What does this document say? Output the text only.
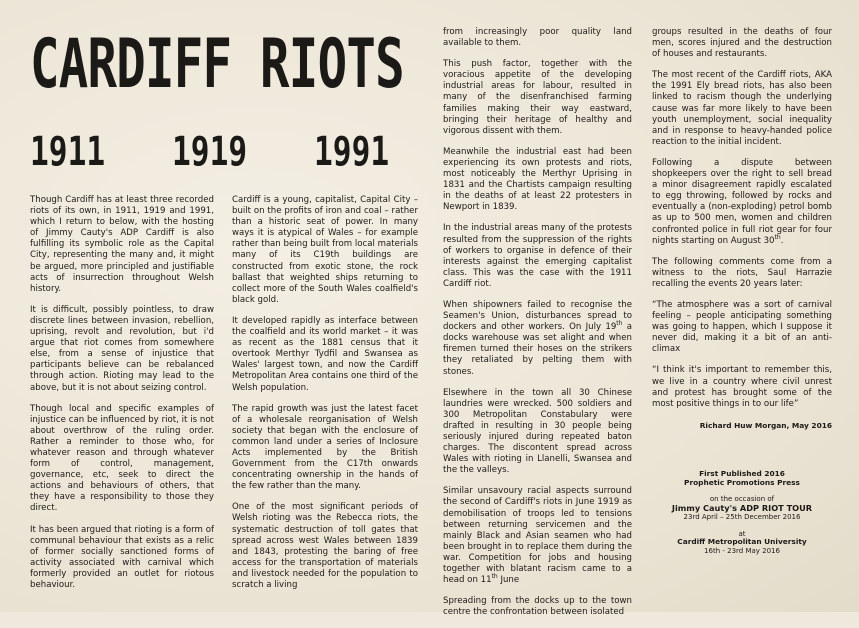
CARDIFF RIOTS
1911 1919 1991

Though Cardiff has at least three recorded riots of its own, in 1911, 1919 and 1991, which I return to below, with the hosting of Jimmy Cauty's ADP Cardiff is also fulfilling its symbolic role as the Capital City, representing the many and, it might be argued, more principled and justifiable acts of insurrection throughout Welsh history.

It is difficult, possibly pointless, to draw discrete lines between invasion, rebellion, uprising, revolt and revolution, but i'd argue that riot comes from somewhere else, from a sense of injustice that participants believe can be rebalanced through action. Rioting may lead to the above, but it is not about seizing control.

Though local and specific examples of injustice can be influenced by riot, it is not about overthrow of the ruling order. Rather a reminder to those who, for whatever reason and through whatever form of control, management, governance, etc, seek to direct the actions and behaviours of others, that they have a responsibility to those they direct.

It has been argued that rioting is a form of communal behaviour that exists as a relic of former socially sanctioned forms of activity associated with carnival which formerly provided an outlet for riotous behaviour.

Cardiff is a young, capitalist, Capital City – built on the profits of iron and coal – rather than a historic seat of power. In many ways it is atypical of Wales – for example rather than being built from local materials many of its C19th buildings are constructed from exotic stone, the rock ballast that weighted ships returning to collect more of the South Wales coalfield's black gold.

It developed rapidly as interface between the coalfield and its world market – it was as recent as the 1881 census that it overtook Merthyr Tydfil and Swansea as Wales' largest town, and now the Cardiff Metropolitan Area contains one third of the Welsh population.

The rapid growth was just the latest facet of a wholesale reorganisation of Welsh society that began with the enclosure of common land under a series of Inclosure Acts implemented by the British Government from the C17th onwards concentrating ownership in the hands of the few rather than the many.

One of the most significant periods of Welsh rioting was the Rebecca riots, the systematic destruction of toll gates that spread across west Wales between 1839 and 1843, protesting the baring of free access for the transportation of materials and livestock needed for the population to scratch a living

from increasingly poor quality land available to them.

This push factor, together with the voracious appetite of the developing industrial areas for labour, resulted in many of the disenfranchised farming families making their way eastward, bringing their heritage of healthy and vigorous dissent with them.

Meanwhile the industrial east had been experiencing its own protests and riots, most noticeably the Merthyr Uprising in 1831 and the Chartists campaign resulting in the deaths of at least 22 protesters in Newport in 1839.

In the industrial areas many of the protests resulted from the suppression of the rights of workers to organise in defence of their interests against the emerging capitalist class. This was the case with the 1911 Cardiff riot.

When shipowners failed to recognise the Seamen's Union, disturbances spread to dockers and other workers. On July 19th a docks warehouse was set alight and when firemen turned their hoses on the strikers they retaliated by pelting them with stones.

Elsewhere in the town all 30 Chinese laundries were wrecked. 500 soldiers and 300 Metropolitan Constabulary were drafted in resulting in 30 people being seriously injured during repeated baton charges. The discontent spread across Wales with rioting in Llanelli, Swansea and the the valleys.

Similar unsavoury racial aspects surround the second of Cardiff's riots in June 1919 as demobilisation of troops led to tensions between returning servicemen and the mainly Black and Asian seamen who had been brought in to replace them during the war. Competition for jobs and housing together with blatant racism came to a head on 11th June

Spreading from the docks up to the town centre the confrontation between isolated

groups resulted in the deaths of four men, scores injured and the destruction of houses and restaurants.

The most recent of the Cardiff riots, AKA the 1991 Ely bread riots, has also been linked to racism though the underlying cause was far more likely to have been youth unemployment, social inequality and in response to heavy-handed police reaction to the initial incident.

Following a dispute between shopkeepers over the right to sell bread a minor disagreement rapidly escalated to egg throwing, followed by rocks and eventually a (non-exploding) petrol bomb as up to 500 men, women and children confronted police in full riot gear for four nights starting on August 30th.

The following comments come from a witness to the riots, Saul Harrazie recalling the events 20 years later:

“The atmosphere was a sort of carnival feeling – people anticipating something was going to happen, which I suppose it never did, making it a bit of an anti-climax

“I think it's important to remember this, we live in a country where civil unrest and protest has brought some of the most positive things in to our life”

Richard Huw Morgan, May 2016
First Published 2016
Prophetic Promotions Press
on the occasion of
Jimmy Cauty's ADP RIOT TOUR
23rd April – 25th December 2016
at
Cardiff Metropolitan University
16th - 23rd May 2016
